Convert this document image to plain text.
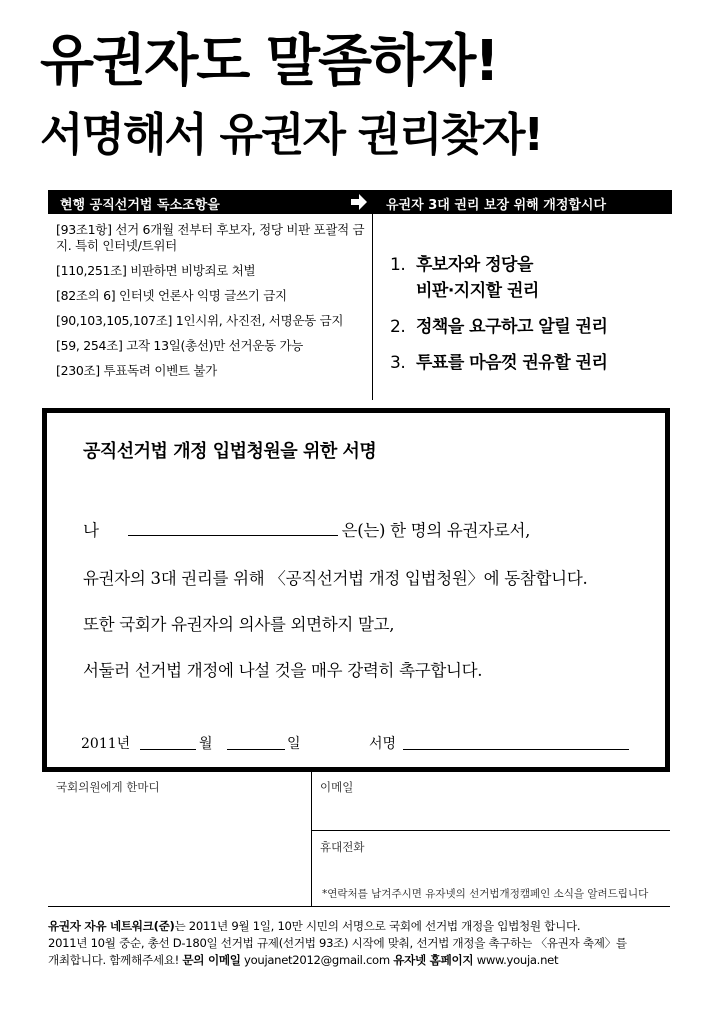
유권자도 말좀하자!
서명해서 유권자 권리찾자!
현행 공직선거법 독소조항을	유권자 3대 권리 보장 위해 개정합시다
[93조1항] 선거 6개월 전부터 후보자, 정당 비판 포괄적 금지. 특히 인터넷/트위터
[110,251조] 비판하면 비방죄로 처벌
[82조의 6] 인터넷 언론사 익명 글쓰기 금지
[90,103,105,107조] 1인시위, 사진전, 서명운동 금지
[59, 254조] 고작 13일(총선)만 선거운동 가능
[230조] 투표독려 이벤트 불가
1. 후보자와 정당을
비판·지지할 권리
2. 정책을 요구하고 알릴 권리
3. 투표를 마음껏 권유할 권리
공직선거법 개정 입법청원을 위한 서명
나	은(는) 한 명의 유권자로서,
유권자의 3대 권리를 위해 〈공직선거법 개정 입법청원〉에 동참합니다.
또한 국회가 유권자의 의사를 외면하지 말고,
서둘러 선거법 개정에 나설 것을 매우 강력히 촉구합니다.
2011년	월	일	서명
국회의원에게 한마디	이메일
휴대전화
*연락처를 남겨주시면 유자넷의 선거법개정캠페인 소식을 알려드립니다
유권자 자유 네트워크(준)는 2011년 9월 1일, 10만 시민의 서명으로 국회에 선거법 개정을 입법청원 합니다.
2011년 10월 중순, 총선 D-180일 선거법 규제(선거법 93조) 시작에 맞춰, 선거법 개정을 촉구하는 〈유권자 축제〉를
개최합니다. 함께해주세요! 문의 이메일 youjanet2012@gmail.com 유자넷 홈페이지 www.youja.net
